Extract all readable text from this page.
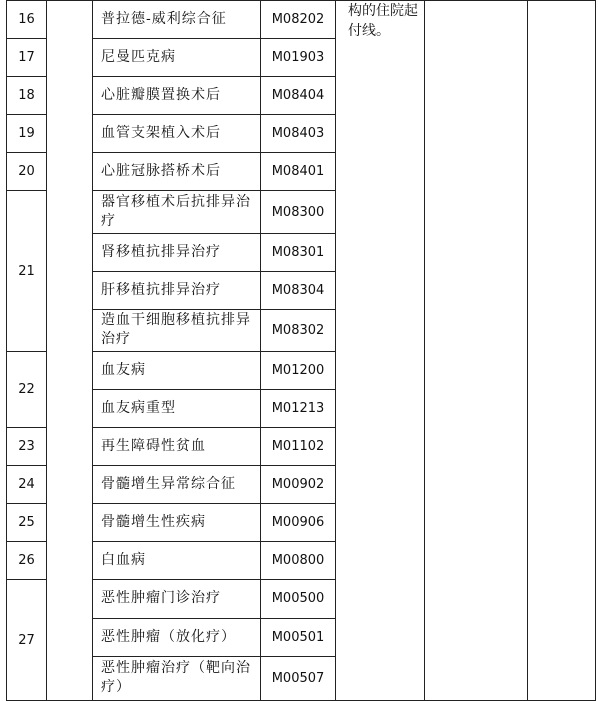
16		普拉德-威利综合征	M08202	构的住院起付线。		
17		尼曼匹克病	M01903			
18		心脏瓣膜置换术后	M08404			
19		血管支架植入术后	M08403			
20		心脏冠脉搭桥术后	M08401			
21		器官移植术后抗排异治疗	M08300			
		肾移植抗排异治疗	M08301			
		肝移植抗排异治疗	M08304			
		造血干细胞移植抗排异治疗	M08302			
22		血友病	M01200			
		血友病重型	M01213			
23		再生障碍性贫血	M01102			
24		骨髓增生异常综合征	M00902			
25		骨髓增生性疾病	M00906			
26		白血病	M00800			
27		恶性肿瘤门诊治疗	M00500			
		恶性肿瘤（放化疗）	M00501			
		恶性肿瘤治疗（靶向治疗）	M00507			
